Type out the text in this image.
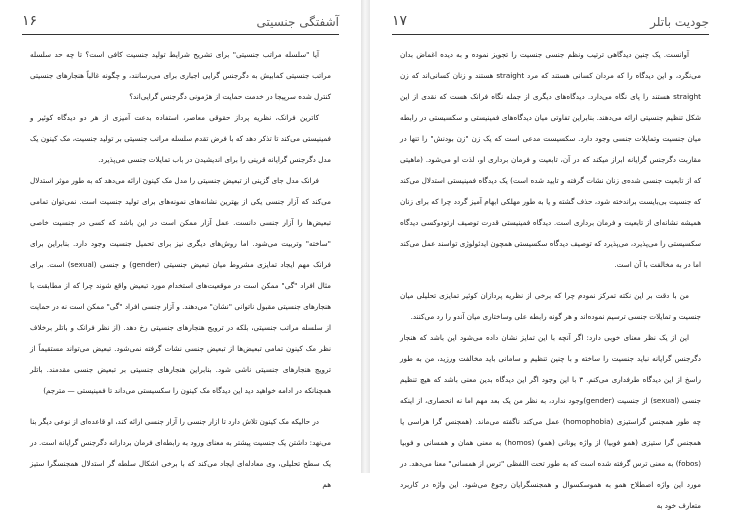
آشفتگی جنسیتی
۱۶

آیا "سلسله مراتب جنسیتی" برای تشریح شرایط تولید جنسیت کافی است؟ تا چه حد سلسله مراتب جنسیتی کمابیش به دگرجنس گرایی اجباری برای می‌رسانند، و چگونه غالباً هنجارهای جنسیتی کنترل شده سرپیجا در خدمت حمایت از هژمونی دگرجنس گرایی‌اند؟

کاترین فرانک، نظریه پرداز حقوقی معاصر، استفاده بدعت آمیزی از هر دو دیدگاه کوئیر و فمینیستی می‌کند تا تذکر دهد که با فرض تقدم سلسله مراتب جنسیتی بر تولید جنسیت، مک کینون یک مدل دگرجنس گرایانه قرینی را برای اندیشیدن در باب تمایلات جنسی می‌پذیرد.

فرانک مدل جای گزینی از تبعیض جنسیتی را مدل مک کینون ارائه می‌دهد که به طور موثر استدلال می‌کند که آزار جنسی یکی از بهترین نشانه‌های نمونه‌های برای تولید جنسیت است. نمی‌توان تمامی تبعیض‌ها را آزار جنسی دانست. عمل آزار ممکن است در این باشد که کسی در جنسیت خاصی "ساخته" وتربیت می‌شود. اما روش‌های دیگری نیز برای تحمیل جنسیت وجود دارد. بنابراین برای فرانک مهم ایجاد تمایزی مشروط میان تبعیض جنسیتی (gender) و جنسی (sexual) است. برای مثال افراد "گی" ممکن است در موقعیت‌های استخدام مورد تبعیض واقع شوند چرا که از مطابقت با هنجارهای جنسیتی مقبول ناتوانی "نشان" می‌دهند. و آزار جنسی افراد "گی" ممکن است نه در حمایت از سلسله مراتب جنسیتی، بلکه در ترویج هنجارهای جنسیتی رخ دهد. (از نظر فرانک و باتلر برخلاف نظر مک کینون تمامی تبعیض‌ها از تبعیض جنسی نشات گرفته نمی‌شود. تبعیض می‌تواند مستقیماً از ترویج هنجارهای جنسیتی ناشی شود. بنابراین هنجارهای جنسیتی بر تبعیض جنسی مقدمند. باتلر همچنانکه در ادامه خواهید دید این دیدگاه مک کینون را سکسیستی می‌داند تا فمینیستی — مترجم)

در حالیکه مک کینون تلاش دارد تا ازار جنسی را آزار جنسی ارائه کند، او قاعده‌ای از نوعی دیگر بنا می‌نهد: داشتن یک جنسیت پیشتر به معنای ورود به رابطه‌ای فرمان بردارانه دگرجنس گرایانه است. در یک سطح تحلیلی، وی معادله‌ای ایجاد می‌کند که با برخی اشکال سلطه گر استدلال همجنسگرا ستیز هم

جودیت باتلر
۱۷

آوانست. یک چنین دیدگاهی ترتیب ونظم جنسی جنسیت را تجویز نموده و به دیده اغماض بدان می‌نگرد، و این دیدگاه را که مردان کسانی هستند که مرد straight هستند و زنان کسانی‌اند که زن straight هستند را پای نگاه می‌دارد. دیدگاه‌های دیگری از جمله نگاه فرانک هست که نقدی از این شکل تنظیم جنسیتی ارائه می‌دهند. بنابراین تفاوتی میان دیدگاه‌های فمینیستی و سکسیستی در رابطه میان جنسیت وتمایلات جنسی وجود دارد. سکسیست مدعی است که یک زن "زن بودنش" را تنها در مقاربت دگرجنس گرایانه ابراز میکند که در آن، تابعیت و فرمان برداری او، لذت او می‌شود. (ماهیتی که از تابعیت جنسی شده‌ی زنان نشات گرفته و تایید شده است) یک دیدگاه فمینیستی استدلال می‌کند که جنسیت بی‌بایست براندخته شود، حذف گشته و یا به طور مهلکی ابهام آمیز گردد چرا که برای زنان همیشه نشانه‌ای از تابعیت و فرمان برداری است. دیدگاه فمینیستی قدرت توصیف ارتودوکسی دیدگاه سکسیستی را می‌پذیرد، می‌پذیرد که توصیف دیدگاه سکسیستی همچون ایدئولوژی تواسند عمل می‌کند اما در به مخالفت با آن است.

من با دقت بر این نکته تمرکز نمودم چرا که برخی از نظریه پردازان کوئیر تمایزی تحلیلی میان جنسیت و تمایلات جنسی ترسیم نموده‌اند و هر گونه رابطه علی وساختاری میان آندو را رد می‌کنند.

این از یک نظر معنای خوبی دارد: اگر آنچه با این تمایز نشان داده می‌شود این باشد که هنجار دگرجنس گرایانه نباید جنسیت را ساخته و با چنین تنظیم و سامانی باید مخالفت ورزید، من به طور راسخ از این دیدگاه طرفداری می‌کنم. ۳ با این وجود اگر این دیدگاه بدین معنی باشد که هیچ تنظیم جنسی (sexual) از جنسیت (gender)وجود ندارد، به نظر من یک بعد مهم اما نه انحصاری، از اینکه چه طور همجنس گراستیزی (homophobia) عمل می‌کند ناگفته می‌ماند. (همجنس گرا هراسی یا همجنس گرا ستیزی (همو فوبیا) از واژه یونانی (همو) (homos) به معنی همان و همسانی و فوبیا (fobos) به معنی ترس گرفته شده است که به طور تحت اللفظی "ترس از همسانی" معنا می‌دهد. در مورد این واژه اصطلاح همو به هموسکسوال و همجنسگرایان رجوع می‌شود. این واژه در کاربرد متعارف خود به
